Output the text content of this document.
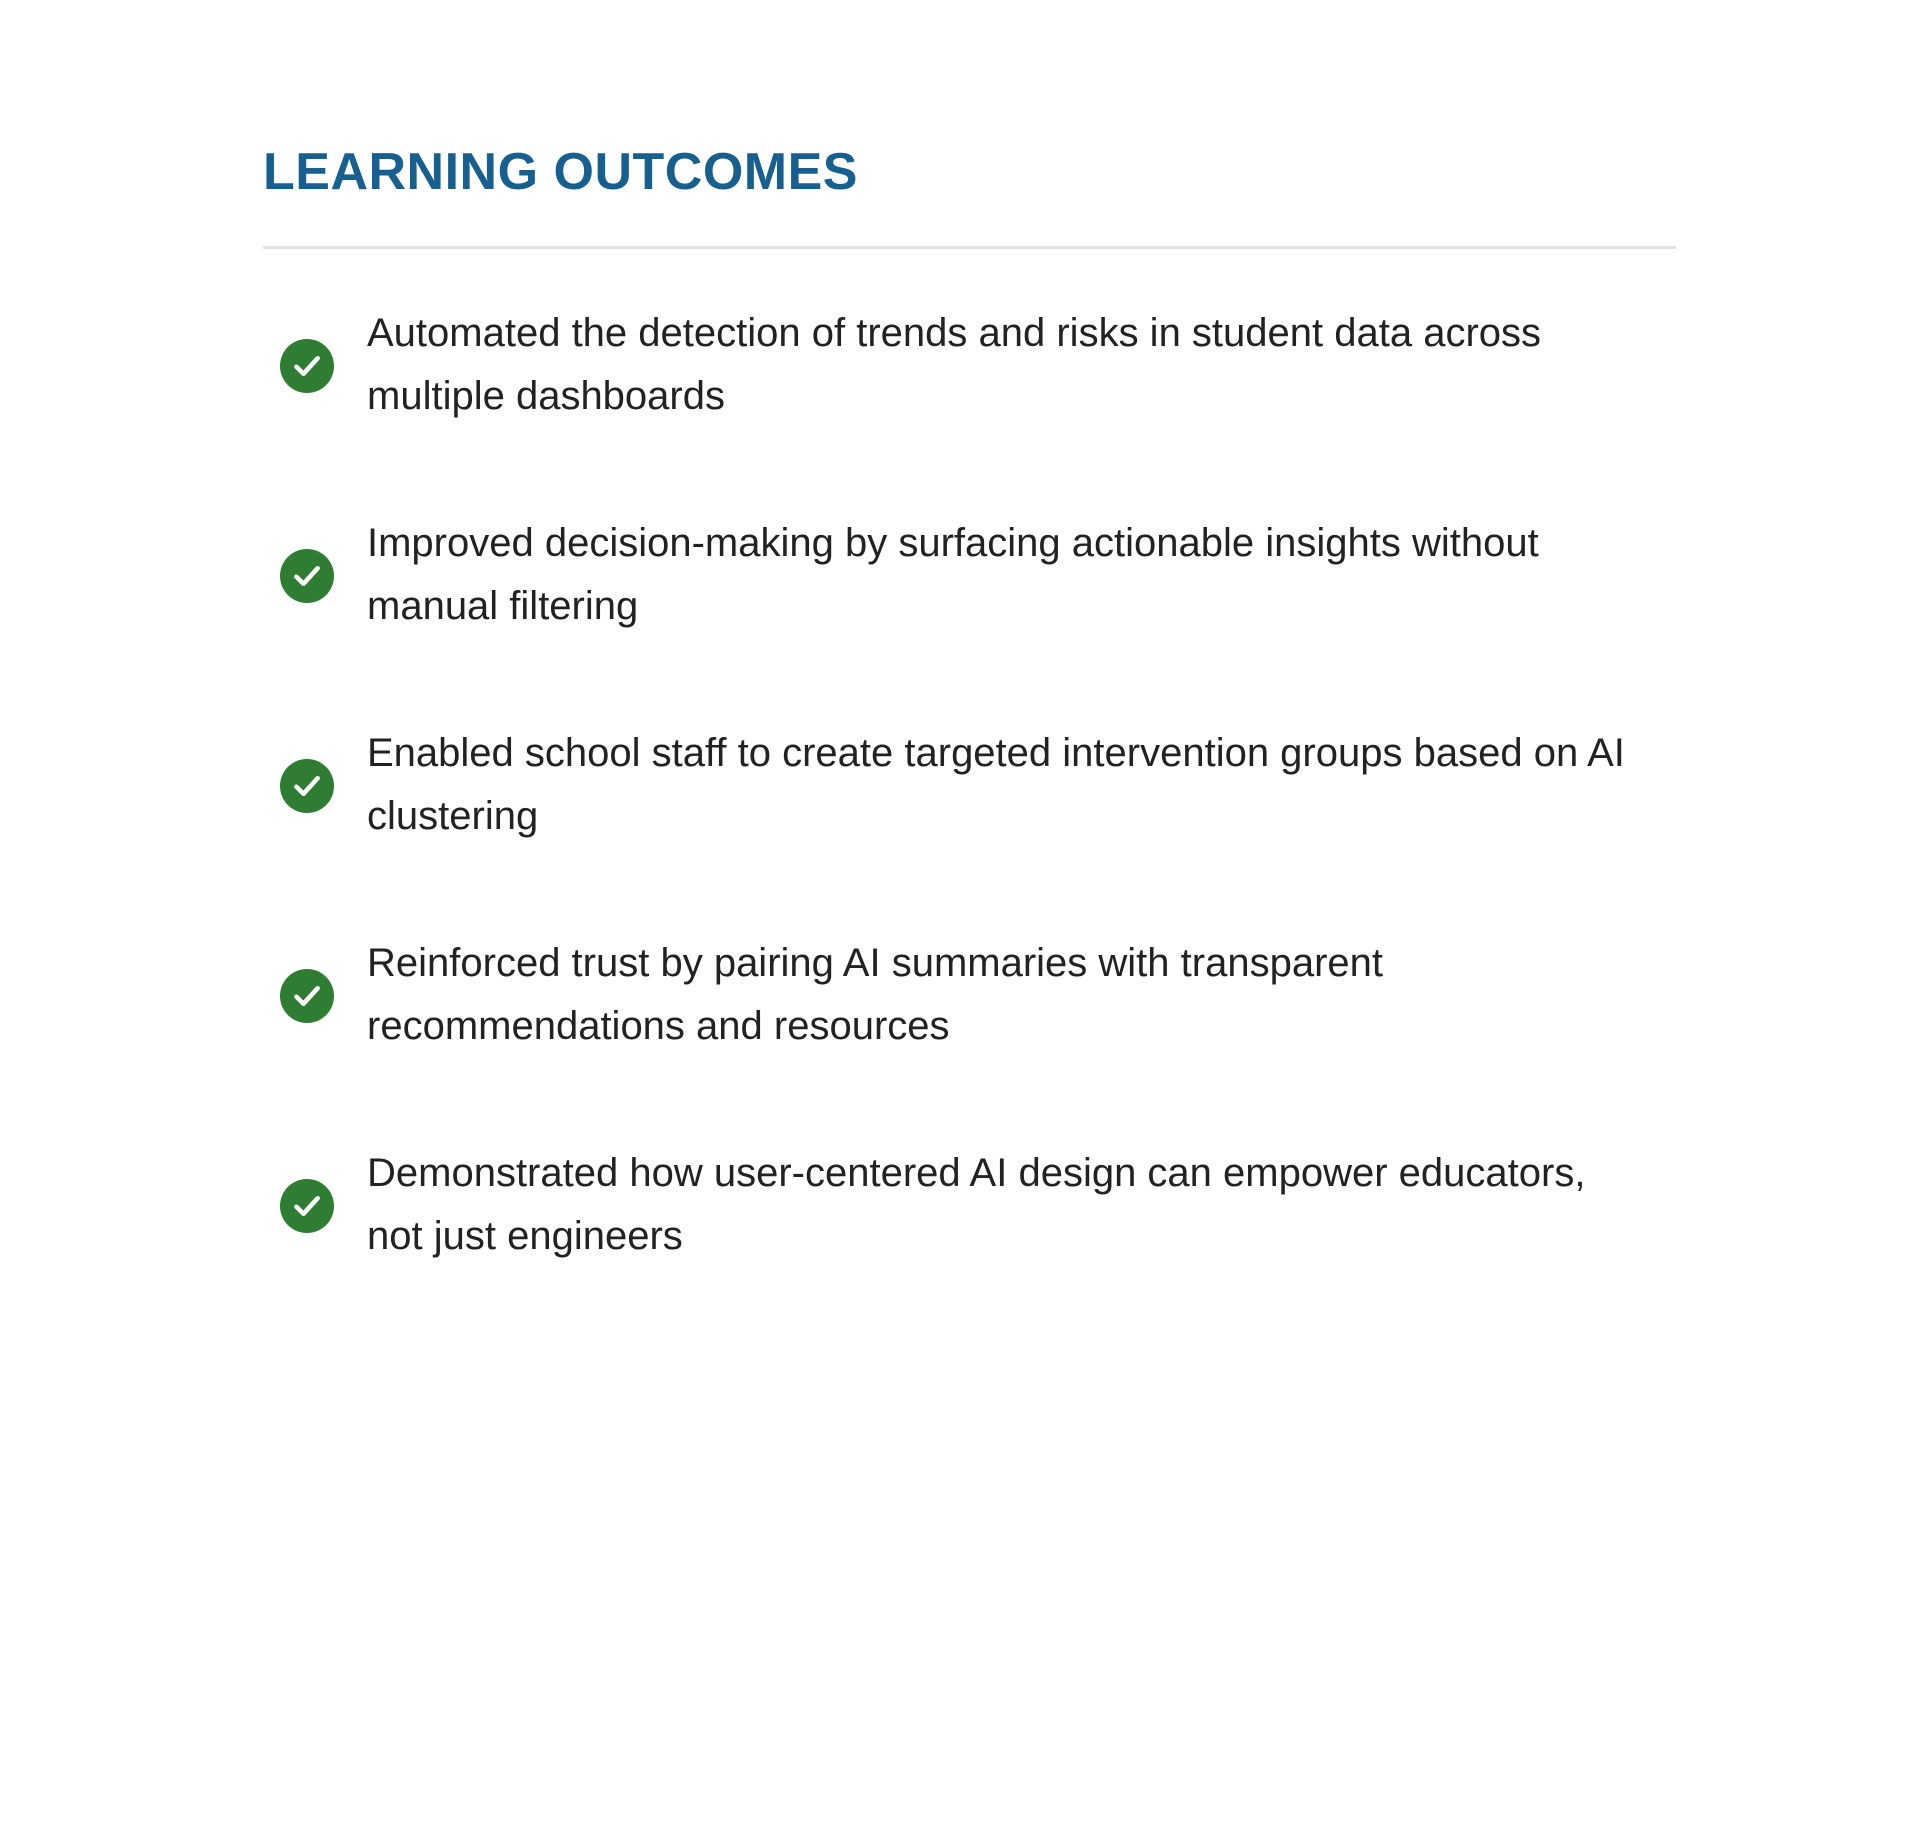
LEARNING OUTCOMES

Automated the detection of trends and risks in student data across multiple dashboards

Improved decision-making by surfacing actionable insights without manual filtering

Enabled school staff to create targeted intervention groups based on AI clustering

Reinforced trust by pairing AI summaries with transparent recommendations and resources

Demonstrated how user-centered AI design can empower educators, not just engineers
